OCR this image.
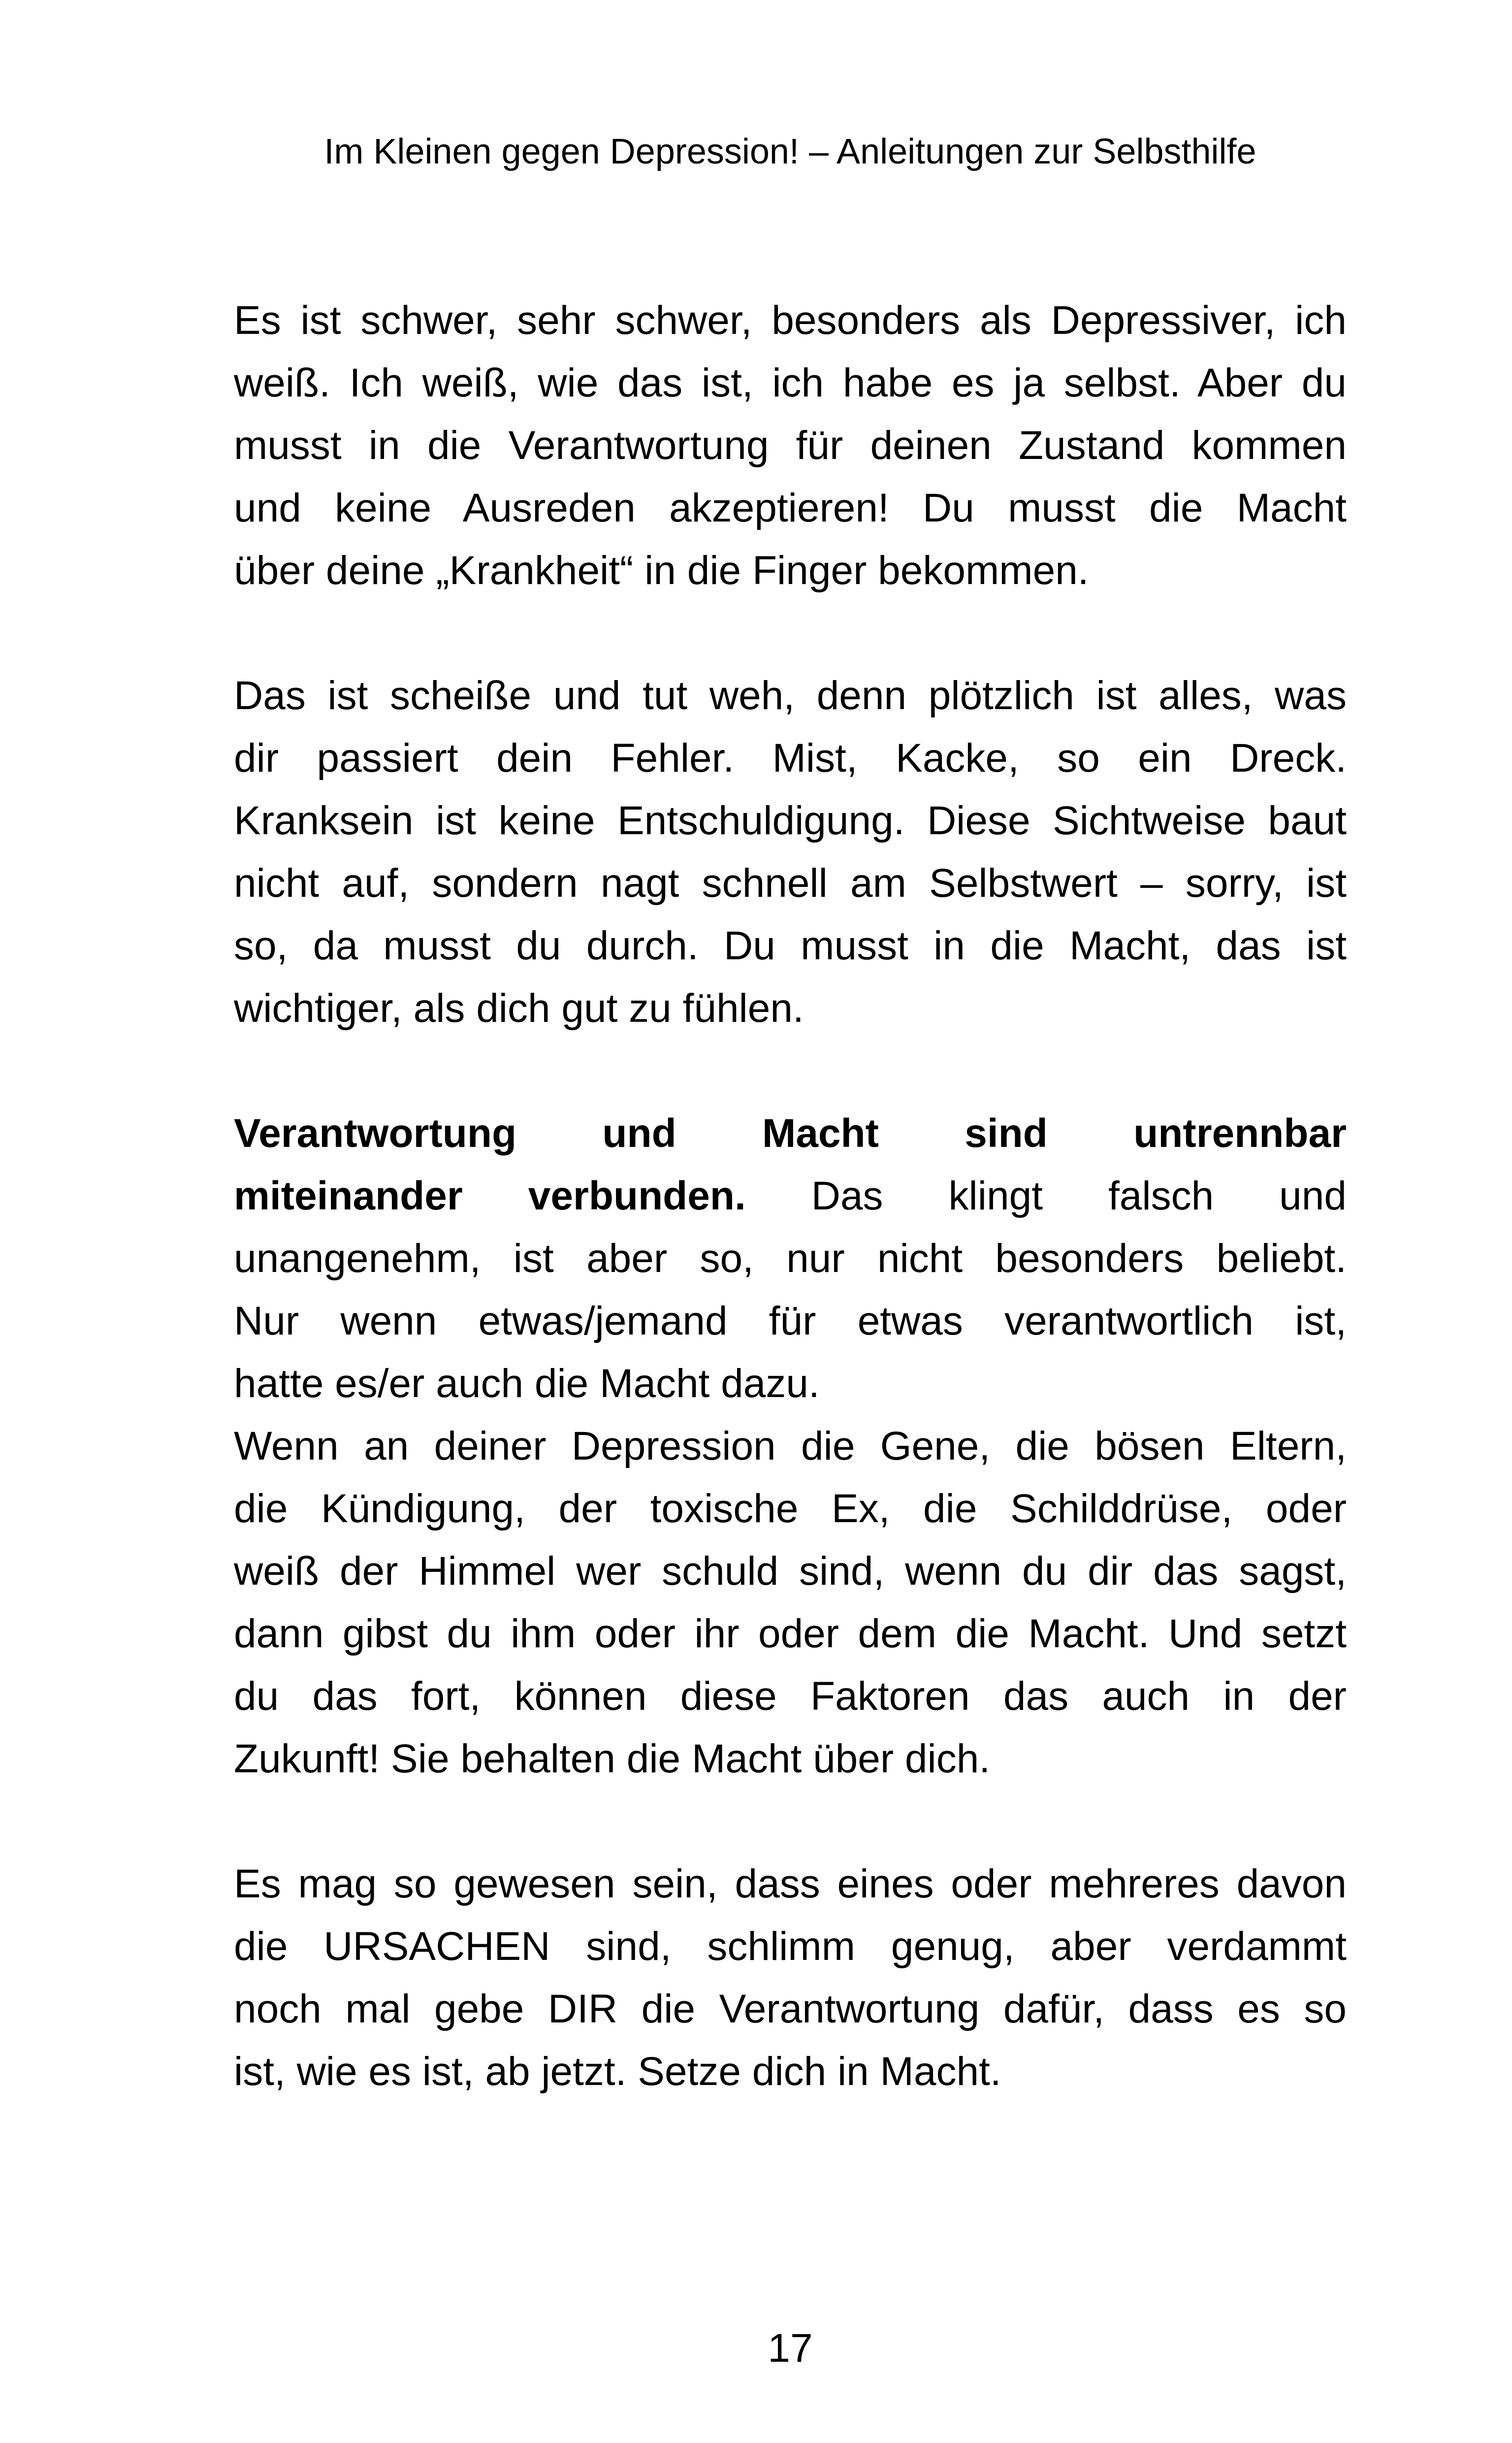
Im Kleinen gegen Depression! – Anleitungen zur Selbsthilfe
Es ist schwer, sehr schwer, besonders als Depressiver, ich
weiß. Ich weiß, wie das ist, ich habe es ja selbst. Aber du
musst in die Verantwortung für deinen Zustand kommen
und keine Ausreden akzeptieren! Du musst die Macht
über deine „Krankheit“ in die Finger bekommen.
Das ist scheiße und tut weh, denn plötzlich ist alles, was
dir passiert dein Fehler. Mist, Kacke, so ein Dreck.
Kranksein ist keine Entschuldigung. Diese Sichtweise baut
nicht auf, sondern nagt schnell am Selbstwert – sorry, ist
so, da musst du durch. Du musst in die Macht, das ist
wichtiger, als dich gut zu fühlen.
Verantwortung und Macht sind untrennbar
miteinander verbunden. Das klingt falsch und
unangenehm, ist aber so, nur nicht besonders beliebt.
Nur wenn etwas/jemand für etwas verantwortlich ist,
hatte es/er auch die Macht dazu.
Wenn an deiner Depression die Gene, die bösen Eltern,
die Kündigung, der toxische Ex, die Schilddrüse, oder
weiß der Himmel wer schuld sind, wenn du dir das sagst,
dann gibst du ihm oder ihr oder dem die Macht. Und setzt
du das fort, können diese Faktoren das auch in der
Zukunft! Sie behalten die Macht über dich.
Es mag so gewesen sein, dass eines oder mehreres davon
die URSACHEN sind, schlimm genug, aber verdammt
noch mal gebe DIR die Verantwortung dafür, dass es so
ist, wie es ist, ab jetzt. Setze dich in Macht.
17
